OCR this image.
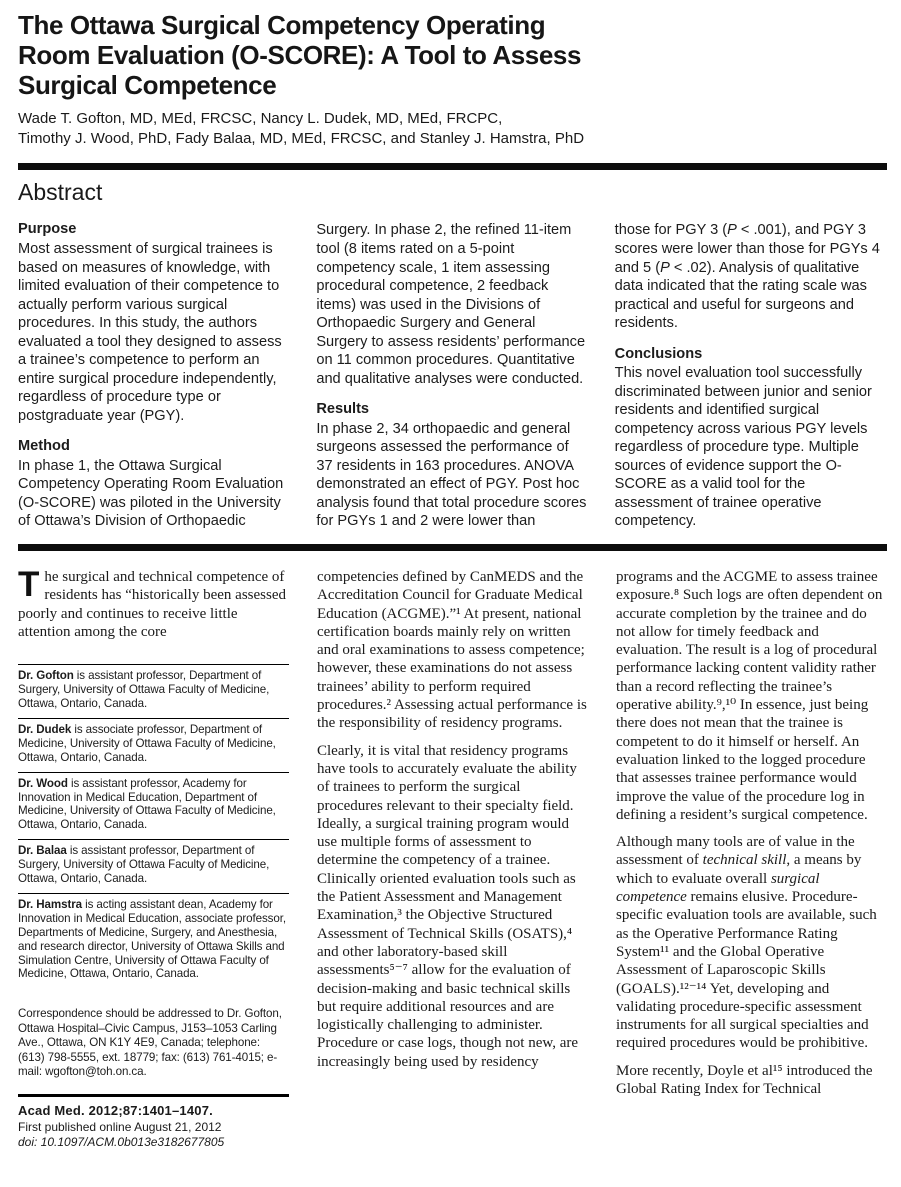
The Ottawa Surgical Competency Operating
Room Evaluation (O-SCORE): A Tool to Assess
Surgical Competence
Wade T. Gofton, MD, MEd, FRCSC, Nancy L. Dudek, MD, MEd, FRCPC,
Timothy J. Wood, PhD, Fady Balaa, MD, MEd, FRCSC, and Stanley J. Hamstra, PhD
Abstract
Purpose

Most assessment of surgical trainees is based on measures of knowledge, with limited evaluation of their competence to actually perform various surgical procedures. In this study, the authors evaluated a tool they designed to assess a trainee’s competence to perform an entire surgical procedure independently, regardless of procedure type or postgraduate year (PGY).

Method

In phase 1, the Ottawa Surgical Competency Operating Room Evaluation (O-SCORE) was piloted in the University of Ottawa’s Division of Orthopaedic

Surgery. In phase 2, the refined 11-item tool (8 items rated on a 5-point competency scale, 1 item assessing procedural competence, 2 feedback items) was used in the Divisions of Orthopaedic Surgery and General Surgery to assess residents’ performance on 11 common procedures. Quantitative and qualitative analyses were conducted.

Results

In phase 2, 34 orthopaedic and general surgeons assessed the performance of 37 residents in 163 procedures. ANOVA demonstrated an effect of PGY. Post hoc analysis found that total procedure scores for PGYs 1 and 2 were lower than

those for PGY 3 (P < .001), and PGY 3 scores were lower than those for PGYs 4 and 5 (P < .02). Analysis of qualitative data indicated that the rating scale was practical and useful for surgeons and residents.

Conclusions

This novel evaluation tool successfully discriminated between junior and senior residents and identified surgical competency across various PGY levels regardless of procedure type. Multiple sources of evidence support the O-SCORE as a valid tool for the assessment of trainee operative competency.

The surgical and technical competence of residents has “historically been assessed poorly and continues to receive little attention among the core

Dr. Gofton is assistant professor, Department of Surgery, University of Ottawa Faculty of Medicine, Ottawa, Ontario, Canada.
Dr. Dudek is associate professor, Department of Medicine, University of Ottawa Faculty of Medicine, Ottawa, Ontario, Canada.
Dr. Wood is assistant professor, Academy for Innovation in Medical Education, Department of Medicine, University of Ottawa Faculty of Medicine, Ottawa, Ontario, Canada.
Dr. Balaa is assistant professor, Department of Surgery, University of Ottawa Faculty of Medicine, Ottawa, Ontario, Canada.
Dr. Hamstra is acting assistant dean, Academy for Innovation in Medical Education, associate professor, Departments of Medicine, Surgery, and Anesthesia, and research director, University of Ottawa Skills and Simulation Centre, University of Ottawa Faculty of Medicine, Ottawa, Ontario, Canada.
Correspondence should be addressed to Dr. Gofton, Ottawa Hospital–Civic Campus, J153–1053 Carling Ave., Ottawa, ON K1Y 4E9, Canada; telephone: (613) 798-5555, ext. 18779; fax: (613) 761-4015; e-mail: wgofton@toh.on.ca.
Acad Med. 2012;87:1401–1407.
First published online August 21, 2012
doi: 10.1097/ACM.0b013e3182677805

competencies defined by CanMEDS and the Accreditation Council for Graduate Medical Education (ACGME).”¹ At present, national certification boards mainly rely on written and oral examinations to assess competence; however, these examinations do not assess trainees’ ability to perform required procedures.² Assessing actual performance is the responsibility of residency programs.

Clearly, it is vital that residency programs have tools to accurately evaluate the ability of trainees to perform the surgical procedures relevant to their specialty field. Ideally, a surgical training program would use multiple forms of assessment to determine the competency of a trainee. Clinically oriented evaluation tools such as the Patient Assessment and Management Examination,³ the Objective Structured Assessment of Technical Skills (OSATS),⁴ and other laboratory-based skill assessments⁵⁻⁷ allow for the evaluation of decision-making and basic technical skills but require additional resources and are logistically challenging to administer. Procedure or case logs, though not new, are increasingly being used by residency

programs and the ACGME to assess trainee exposure.⁸ Such logs are often dependent on accurate completion by the trainee and do not allow for timely feedback and evaluation. The result is a log of procedural performance lacking content validity rather than a record reflecting the trainee’s operative ability.⁹,¹⁰ In essence, just being there does not mean that the trainee is competent to do it himself or herself. An evaluation linked to the logged procedure that assesses trainee performance would improve the value of the procedure log in defining a resident’s surgical competence.

Although many tools are of value in the assessment of technical skill, a means by which to evaluate overall surgical competence remains elusive. Procedure-specific evaluation tools are available, such as the Operative Performance Rating System¹¹ and the Global Operative Assessment of Laparoscopic Skills (GOALS).¹²⁻¹⁴ Yet, developing and validating procedure-specific assessment instruments for all surgical specialties and required procedures would be prohibitive.

More recently, Doyle et al¹⁵ introduced the Global Rating Index for Technical
